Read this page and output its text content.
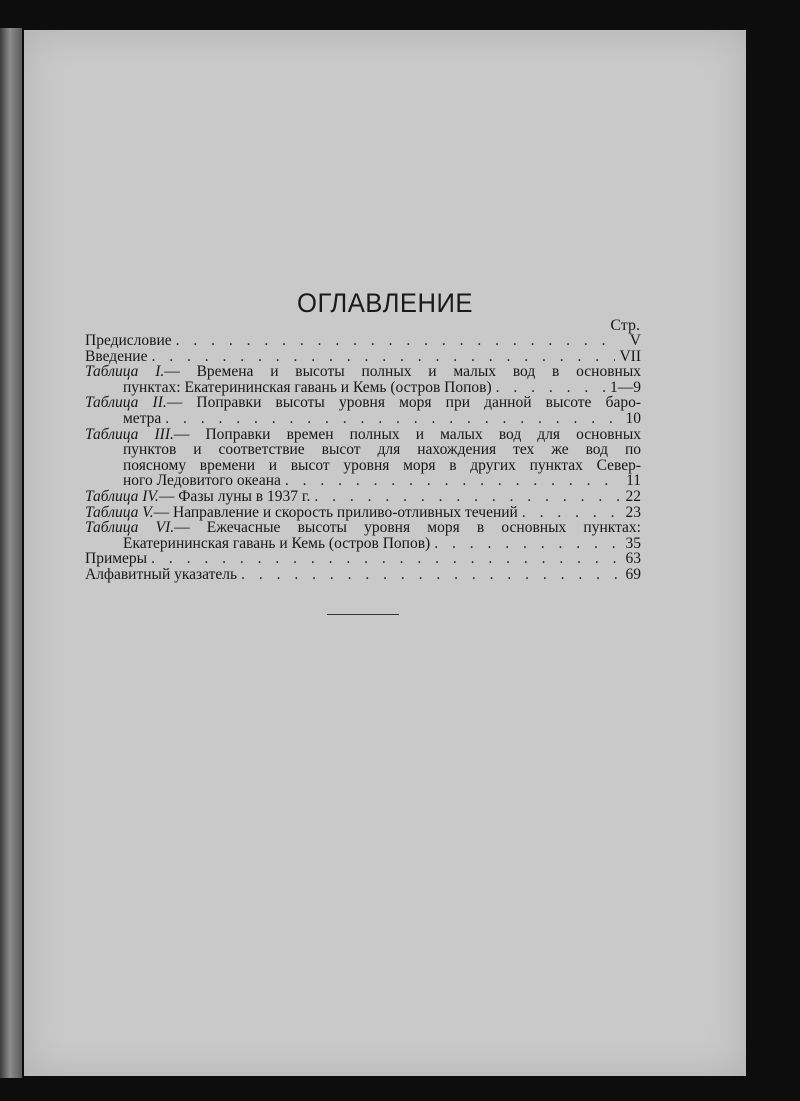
ОГЛАВЛЕНИЕ
Стр.
Предисловие . . .	V
Введение . . .	VII
Таблица I.— Времена и высоты полных и малых вод в основных
пунктах: Екатерининская гавань и Кемь (остров Попов) . . .	1—9
Таблица II.— Поправки высоты уровня моря при данной высоте баро-
метра . . .	10
Таблица III.— Поправки времен полных и малых вод для основных
пунктов и соответствие высот для нахождения тех же вод по
поясному времени и высот уровня моря в других пунктах Север-
ного Ледовитого океана . . .	11
Таблица IV.— Фазы луны в 1937 г. . . .	22
Таблица V.— Направление и скорость приливо-отливных течений . . .	23
Таблица VI.— Ежечасные высоты уровня моря в основных пунктах:
Екатерининская гавань и Кемь (остров Попов) . . .	35
Примеры . . .	63
Алфавитный указатель . . .	69
